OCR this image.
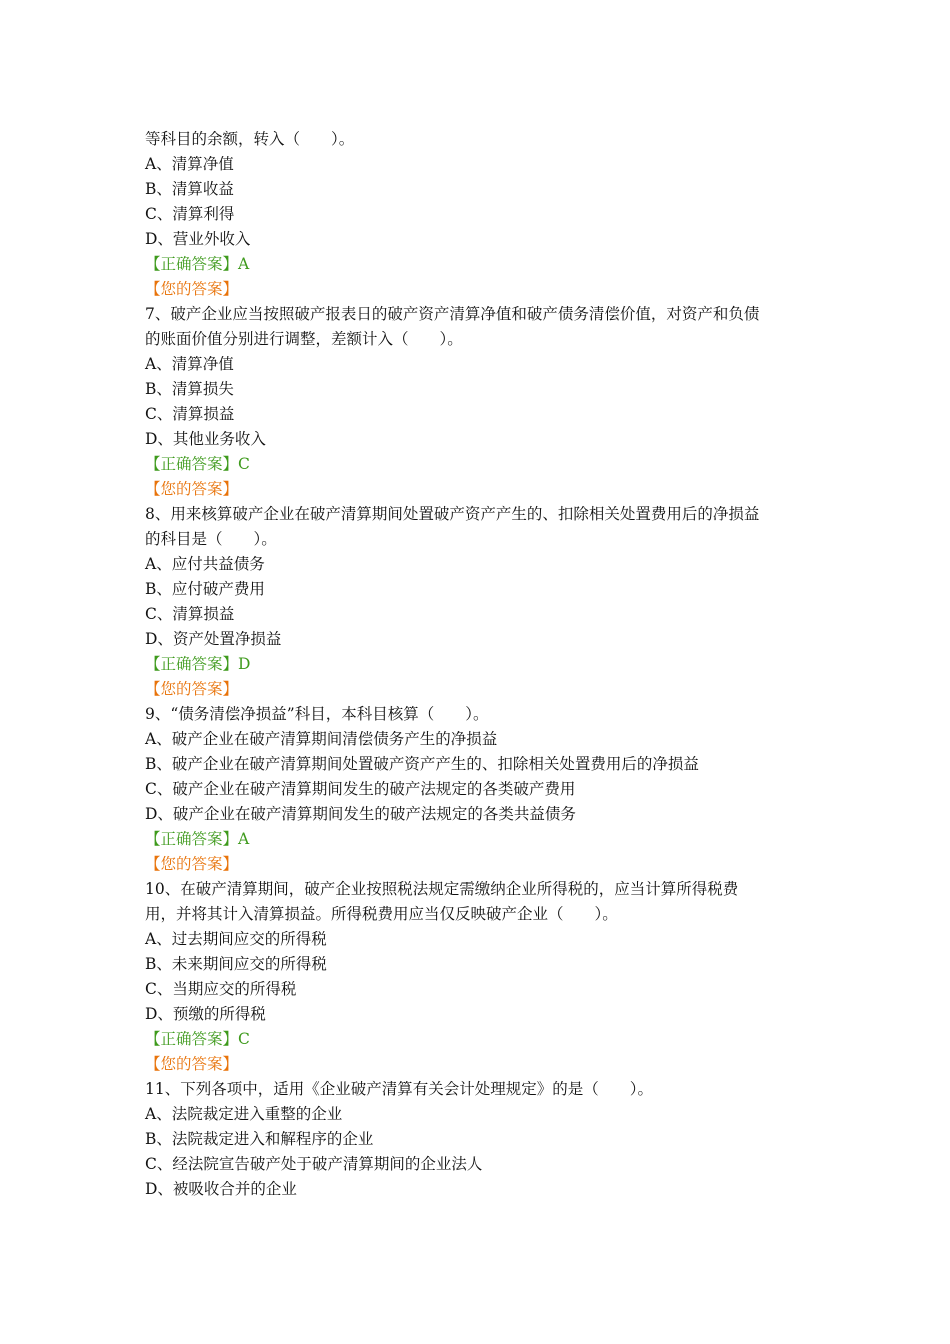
等科目的余额，转入（　　）。
A、清算净值
B、清算收益
C、清算利得
D、营业外收入
【正确答案】A
【您的答案】
7、破产企业应当按照破产报表日的破产资产清算净值和破产债务清偿价值，对资产和负债
的账面价值分别进行调整，差额计入（　　）。
A、清算净值
B、清算损失
C、清算损益
D、其他业务收入
【正确答案】C
【您的答案】
8、用来核算破产企业在破产清算期间处置破产资产产生的、扣除相关处置费用后的净损益
的科目是（　　）。
A、应付共益债务
B、应付破产费用
C、清算损益
D、资产处置净损益
【正确答案】D
【您的答案】
9、“债务清偿净损益”科目，本科目核算（　　）。
A、破产企业在破产清算期间清偿债务产生的净损益
B、破产企业在破产清算期间处置破产资产产生的、扣除相关处置费用后的净损益
C、破产企业在破产清算期间发生的破产法规定的各类破产费用
D、破产企业在破产清算期间发生的破产法规定的各类共益债务
【正确答案】A
【您的答案】
10、在破产清算期间，破产企业按照税法规定需缴纳企业所得税的，应当计算所得税费
用，并将其计入清算损益。所得税费用应当仅反映破产企业（　　）。
A、过去期间应交的所得税
B、未来期间应交的所得税
C、当期应交的所得税
D、预缴的所得税
【正确答案】C
【您的答案】
11、下列各项中，适用《企业破产清算有关会计处理规定》的是（　　）。
A、法院裁定进入重整的企业
B、法院裁定进入和解程序的企业
C、经法院宣告破产处于破产清算期间的企业法人
D、被吸收合并的企业
